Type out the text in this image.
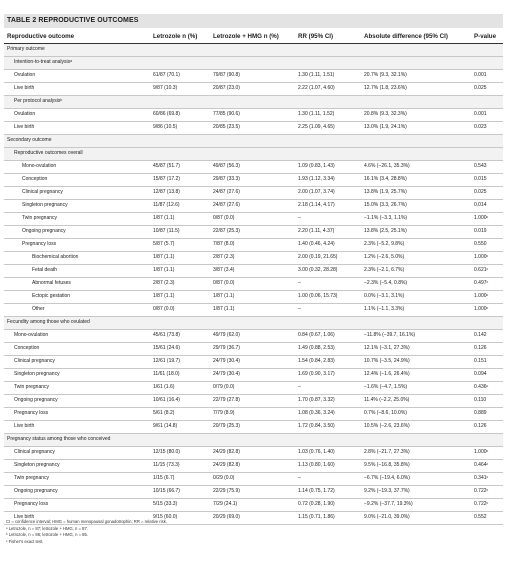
TABLE 2 REPRODUCTIVE OUTCOMES
Reproductive outcome	Letrozole n (%)	Letrozole + HMG n (%)	RR (95% CI)	Absolute difference (95% CI)	P-value
Primary outcome					
Intention-to-treat analysisᵃ					
Ovulation	61/87 (70.1)	79/87 (90.8)	1.30 (1.11, 1.51)	20.7% (9.3, 32.1%)	0.001
Live birth	9/87 (10.3)	20/87 (23.0)	2.22 (1.07, 4.60)	12.7% (1.8, 23.6%)	0.025
Per protocol analysisᵇ					
Ovulation	60/86 (69.8)	77/85 (90.6)	1.30 (1.11, 1.52)	20.8% (9.3, 32.3%)	0.001
Live birth	9/86 (10.5)	20/85 (23.5)	2.25 (1.09, 4.65)	13.0% (1.9, 24.1%)	0.023
Secondary outcome					
Reproductive outcomes overall					
Mono-ovulation	45/87 (51.7)	49/87 (56.3)	1.09 (0.83, 1.43)	4.6% (−26.1, 35.3%)	0.543
Conception	15/87 (17.2)	29/87 (33.3)	1.93 (1.12, 3.34)	16.1% (3.4, 28.8%)	0.015
Clinical pregnancy	12/87 (13.8)	24/87 (27.6)	2.00 (1.07, 3.74)	13.8% (1.9, 25.7%)	0.025
Singleton pregnancy	11/87 (12.6)	24/87 (27.6)	2.18 (1.14, 4.17)	15.0% (3.3, 26.7%)	0.014
Twin pregnancy	1/87 (1.1)	0/87 (0.0)	–	−1.1% (−3.3, 1.1%)	1.000ᶜ
Ongoing pregnancy	10/87 (11.5)	22/87 (25.3)	2.20 (1.11, 4.37)	13.8% (2.5, 25.1%)	0.019
Pregnancy loss	5/87 (5.7)	7/87 (8.0)	1.40 (0.46, 4.24)	2.3% (−5.2, 9.8%)	0.550
Biochemical abortion	1/87 (1.1)	2/87 (2.3)	2.00 (0.19, 21.65)	1.2% (−2.6, 5.0%)	1.000ᶜ
Fetal death	1/87 (1.1)	3/87 (3.4)	3.00 (0.32, 28.28)	2.3% (−2.1, 6.7%)	0.621ᶜ
Abnormal fetuses	2/87 (2.3)	0/87 (0.0)	–	−2.3% (−5.4, 0.8%)	0.497ᶜ
Ectopic gestation	1/87 (1.1)	1/87 (1.1)	1.00 (0.06, 15.73)	0.0% (−3.1, 3.1%)	1.000ᶜ
Other	0/87 (0.0)	1/87 (1.1)	–	1.1% (−1.1, 3.3%)	1.000ᶜ
Fecundity among those who ovulated					
Mono-ovulation	45/61 (73.8)	49/79 (62.0)	0.84 (0.67, 1.06)	−11.8% (−39.7, 16.1%)	0.142
Conception	15/61 (24.6)	29/79 (36.7)	1.49 (0.88, 2.53)	12.1% (−3.1, 27.3%)	0.126
Clinical pregnancy	12/61 (19.7)	24/79 (30.4)	1.54 (0.84, 2.83)	10.7% (−3.5, 24.9%)	0.151
Singleton pregnancy	11/61 (18.0)	24/79 (30.4)	1.69 (0.90, 3.17)	12.4% (−1.6, 26.4%)	0.094
Twin pregnancy	1/61 (1.6)	0/79 (0.0)	–	−1.6% (−4.7, 1.5%)	0.436ᶜ
Ongoing pregnancy	10/61 (16.4)	22/79 (27.8)	1.70 (0.87, 3.32)	11.4% (−2.2, 25.0%)	0.110
Pregnancy loss	5/61 (8.2)	7/79 (8.9)	1.08 (0.36, 3.24)	0.7% (−8.6, 10.0%)	0.889
Live birth	9/61 (14.8)	20/79 (25.3)	1.72 (0.84, 3.50)	10.5% (−2.6, 23.6%)	0.126
Pregnancy status among those who conceived					
Clinical pregnancy	12/15 (80.0)	24/29 (82.8)	1.03 (0.76, 1.40)	2.8% (−21.7, 27.3%)	1.000ᶜ
Singleton pregnancy	11/15 (73.3)	24/29 (82.8)	1.13 (0.80, 1.60)	9.5% (−16.8, 35.8%)	0.464ᶜ
Twin pregnancy	1/15 (6.7)	0/29 (0.0)	–	−6.7% (−19.4, 6.0%)	0.341ᶜ
Ongoing pregnancy	10/15 (66.7)	22/29 (75.9)	1.14 (0.75, 1.72)	9.2% (−19.3, 37.7%)	0.722ᶜ
Pregnancy loss	5/15 (33.3)	7/29 (24.1)	0.72 (0.28, 1.90)	−9.2% (−37.7, 19.3%)	0.722ᶜ
Live birth	9/15 (60.0)	20/29 (69.0)	1.15 (0.71, 1.86)	9.0% (−21.0, 39.0%)	0.552
CI = confidence interval; HMG = human menopausal gonadotrophin; RR = relative risk.
ᵃ Letrozole, n = 87; letrozole + HMG, n = 87.
ᵇ Letrozole, n = 86; letrozole + HMG, n = 85.
ᶜ Fisher's exact test.
